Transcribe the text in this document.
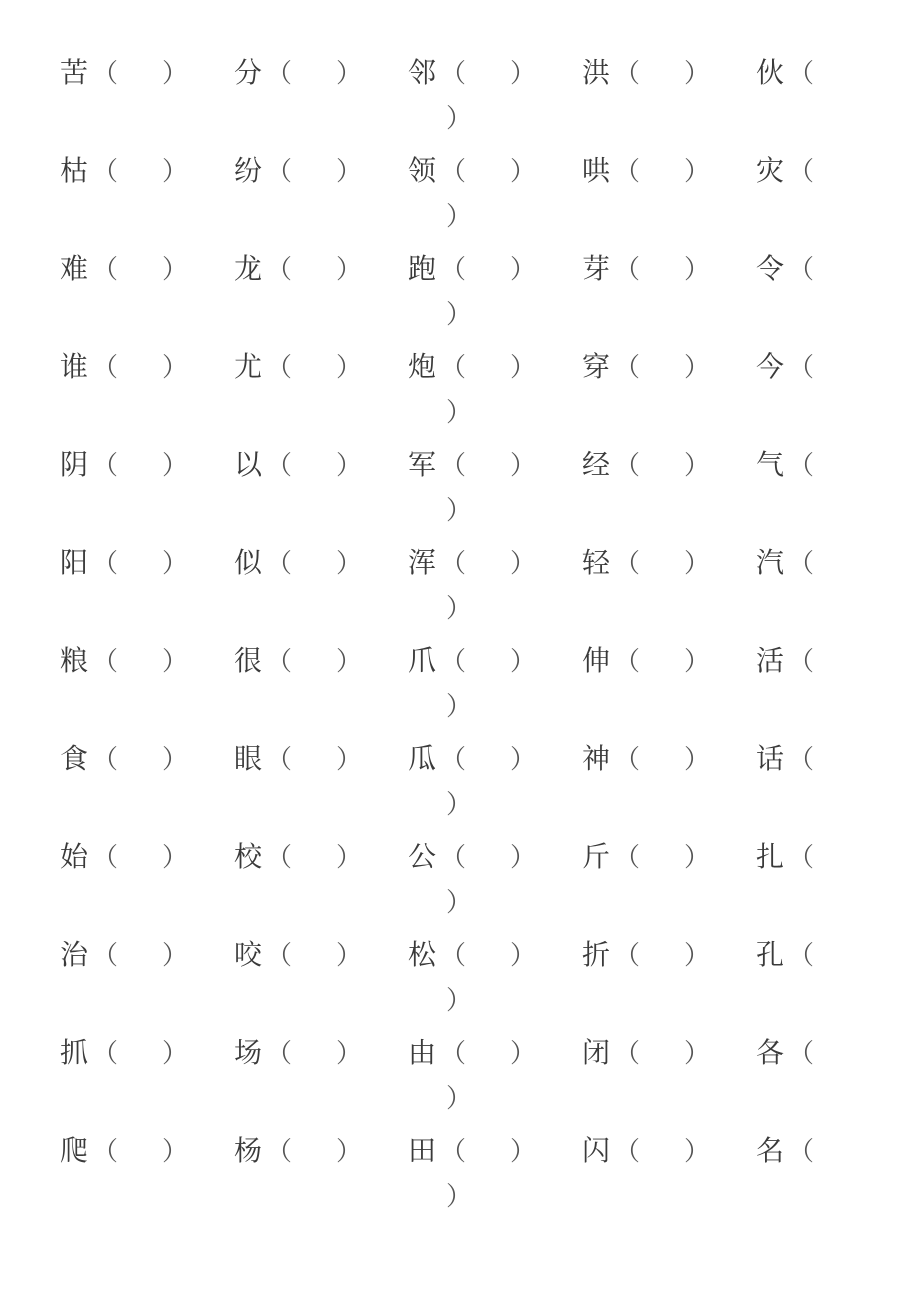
苦 （ ） 分 （ ） 邻 （ ） 洪 （ ） 伙 （
）
枯 （ ） 纷 （ ） 领 （ ） 哄 （ ） 灾 （
）
难 （ ） 龙 （ ） 跑 （ ） 芽 （ ） 令 （
）
谁 （ ） 尤 （ ） 炮 （ ） 穿 （ ） 今 （
）
阴 （ ） 以 （ ） 军 （ ） 经 （ ） 气 （
）
阳 （ ） 似 （ ） 浑 （ ） 轻 （ ） 汽 （
）
粮 （ ） 很 （ ） 爪 （ ） 伸 （ ） 活 （
）
食 （ ） 眼 （ ） 瓜 （ ） 神 （ ） 话 （
）
始 （ ） 校 （ ） 公 （ ） 斤 （ ） 扎 （
）
治 （ ） 咬 （ ） 松 （ ） 折 （ ） 孔 （
）
抓 （ ） 场 （ ） 由 （ ） 闭 （ ） 各 （
）
爬 （ ） 杨 （ ） 田 （ ） 闪 （ ） 名 （
）
